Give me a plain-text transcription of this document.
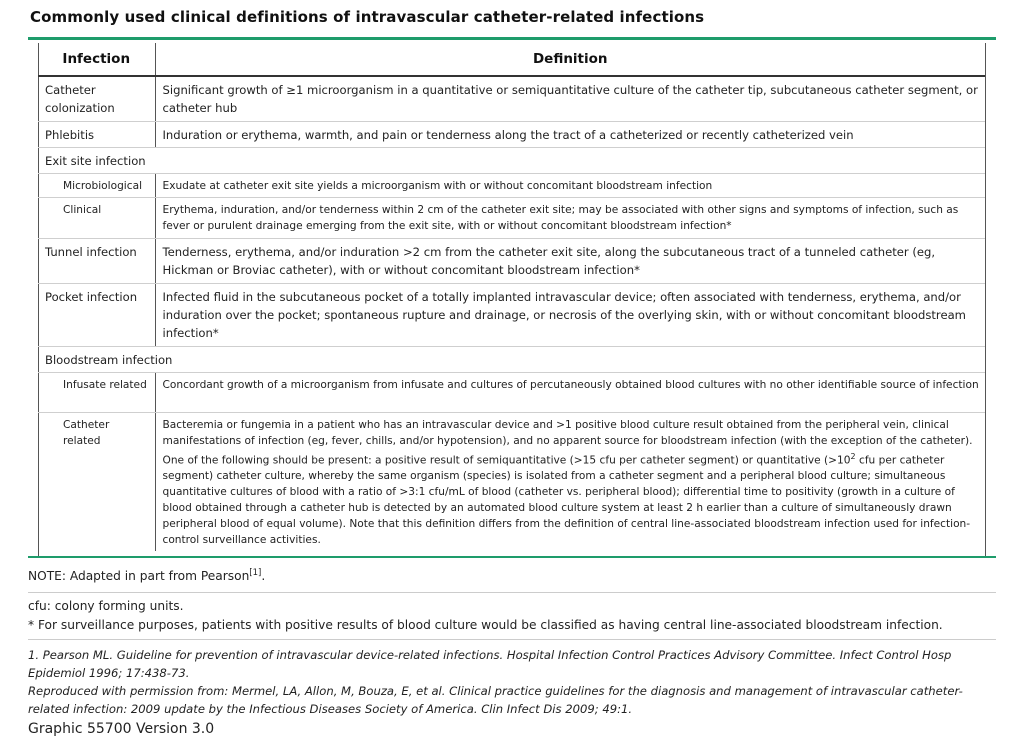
Commonly used clinical definitions of intravascular catheter-related infections
Infection	Definition
Catheter colonization	Significant growth of ≥1 microorganism in a quantitative or semiquantitative culture of the catheter tip, subcutaneous catheter segment, or catheter hub
Phlebitis	Induration or erythema, warmth, and pain or tenderness along the tract of a catheterized or recently catheterized vein
Exit site infection	
Microbiological	Exudate at catheter exit site yields a microorganism with or without concomitant bloodstream infection
Clinical	Erythema, induration, and/or tenderness within 2 cm of the catheter exit site; may be associated with other signs and symptoms of infection, such as fever or purulent drainage emerging from the exit site, with or without concomitant bloodstream infection*
Tunnel infection	Tenderness, erythema, and/or induration >2 cm from the catheter exit site, along the subcutaneous tract of a tunneled catheter (eg, Hickman or Broviac catheter), with or without concomitant bloodstream infection*
Pocket infection	Infected fluid in the subcutaneous pocket of a totally implanted intravascular device; often associated with tenderness, erythema, and/or induration over the pocket; spontaneous rupture and drainage, or necrosis of the overlying skin, with or without concomitant bloodstream infection*
Bloodstream infection	
Infusate related	Concordant growth of a microorganism from infusate and cultures of percutaneously obtained blood cultures with no other identifiable source of infection
Catheter related	Bacteremia or fungemia in a patient who has an intravascular device and >1 positive blood culture result obtained from the peripheral vein, clinical manifestations of infection (eg, fever, chills, and/or hypotension), and no apparent source for bloodstream infection (with the exception of the catheter). One of the following should be present: a positive result of semiquantitative (>15 cfu per catheter segment) or quantitative ($>10^2$ cfu per catheter segment) catheter culture, whereby the same organism (species) is isolated from a catheter segment and a peripheral blood culture; simultaneous quantitative cultures of blood with a ratio of >3:1 cfu/mL of blood (catheter vs. peripheral blood); differential time to positivity (growth in a culture of blood obtained through a catheter hub is detected by an automated blood culture system at least 2 h earlier than a culture of simultaneously drawn peripheral blood of equal volume). Note that this definition differs from the definition of central line-associated bloodstream infection used for infection-control surveillance activities.
NOTE: Adapted in part from Pearson[1].
cfu: colony forming units.
* For surveillance purposes, patients with positive results of blood culture would be classified as having central line-associated bloodstream infection.
1. Pearson ML. Guideline for prevention of intravascular device-related infections. Hospital Infection Control Practices Advisory Committee. Infect Control Hosp Epidemiol 1996; 17:438-73.
Reproduced with permission from: Mermel, LA, Allon, M, Bouza, E, et al. Clinical practice guidelines for the diagnosis and management of intravascular catheter-related infection: 2009 update by the Infectious Diseases Society of America. Clin Infect Dis 2009; 49:1.
Graphic 55700 Version 3.0
